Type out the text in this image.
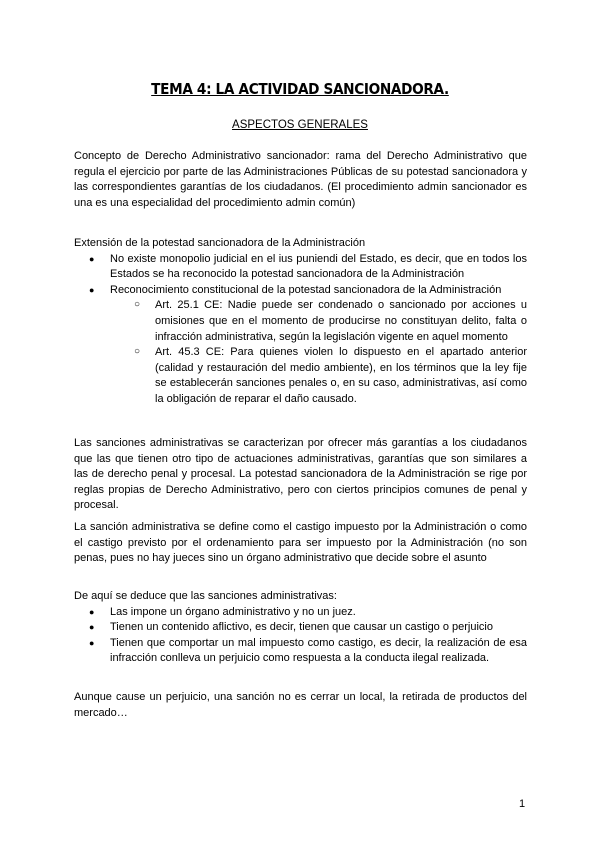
TEMA 4: LA ACTIVIDAD SANCIONADORA.
ASPECTOS GENERALES

Concepto de Derecho Administrativo sancionador: rama del Derecho Administrativo que regula el ejercicio por parte de las Administraciones Públicas de su potestad sancionadora y las correspondientes garantías de los ciudadanos. (El procedimiento admin sancionador es una es una especialidad del procedimiento admin común)

Extensión de la potestad sancionadora de la Administración

● No existe monopolio judicial en el ius puniendi del Estado, es decir, que en todos los Estados se ha reconocido la potestad sancionadora de la Administración

● Reconocimiento constitucional de la potestad sancionadora de la Administración

○ Art. 25.1 CE: Nadie puede ser condenado o sancionado por acciones u omisiones que en el momento de producirse no constituyan delito, falta o infracción administrativa, según la legislación vigente en aquel momento

○ Art. 45.3 CE: Para quienes violen lo dispuesto en el apartado anterior (calidad y restauración del medio ambiente), en los términos que la ley fije se establecerán sanciones penales o, en su caso, administrativas, así como la obligación de reparar el daño causado.

Las sanciones administrativas se caracterizan por ofrecer más garantías a los ciudadanos que las que tienen otro tipo de actuaciones administrativas, garantías que son similares a las de derecho penal y procesal. La potestad sancionadora de la Administración se rige por reglas propias de Derecho Administrativo, pero con ciertos principios comunes de penal y procesal.

La sanción administrativa se define como el castigo impuesto por la Administración o como el castigo previsto por el ordenamiento para ser impuesto por la Administración (no son penas, pues no hay jueces sino un órgano administrativo que decide sobre el asunto

De aquí se deduce que las sanciones administrativas:

● Las impone un órgano administrativo y no un juez.

● Tienen un contenido aflictivo, es decir, tienen que causar un castigo o perjuicio

● Tienen que comportar un mal impuesto como castigo, es decir, la realización de esa infracción conlleva un perjuicio como respuesta a la conducta ilegal realizada.

Aunque cause un perjuicio, una sanción no es cerrar un local, la retirada de productos del mercado…

1
